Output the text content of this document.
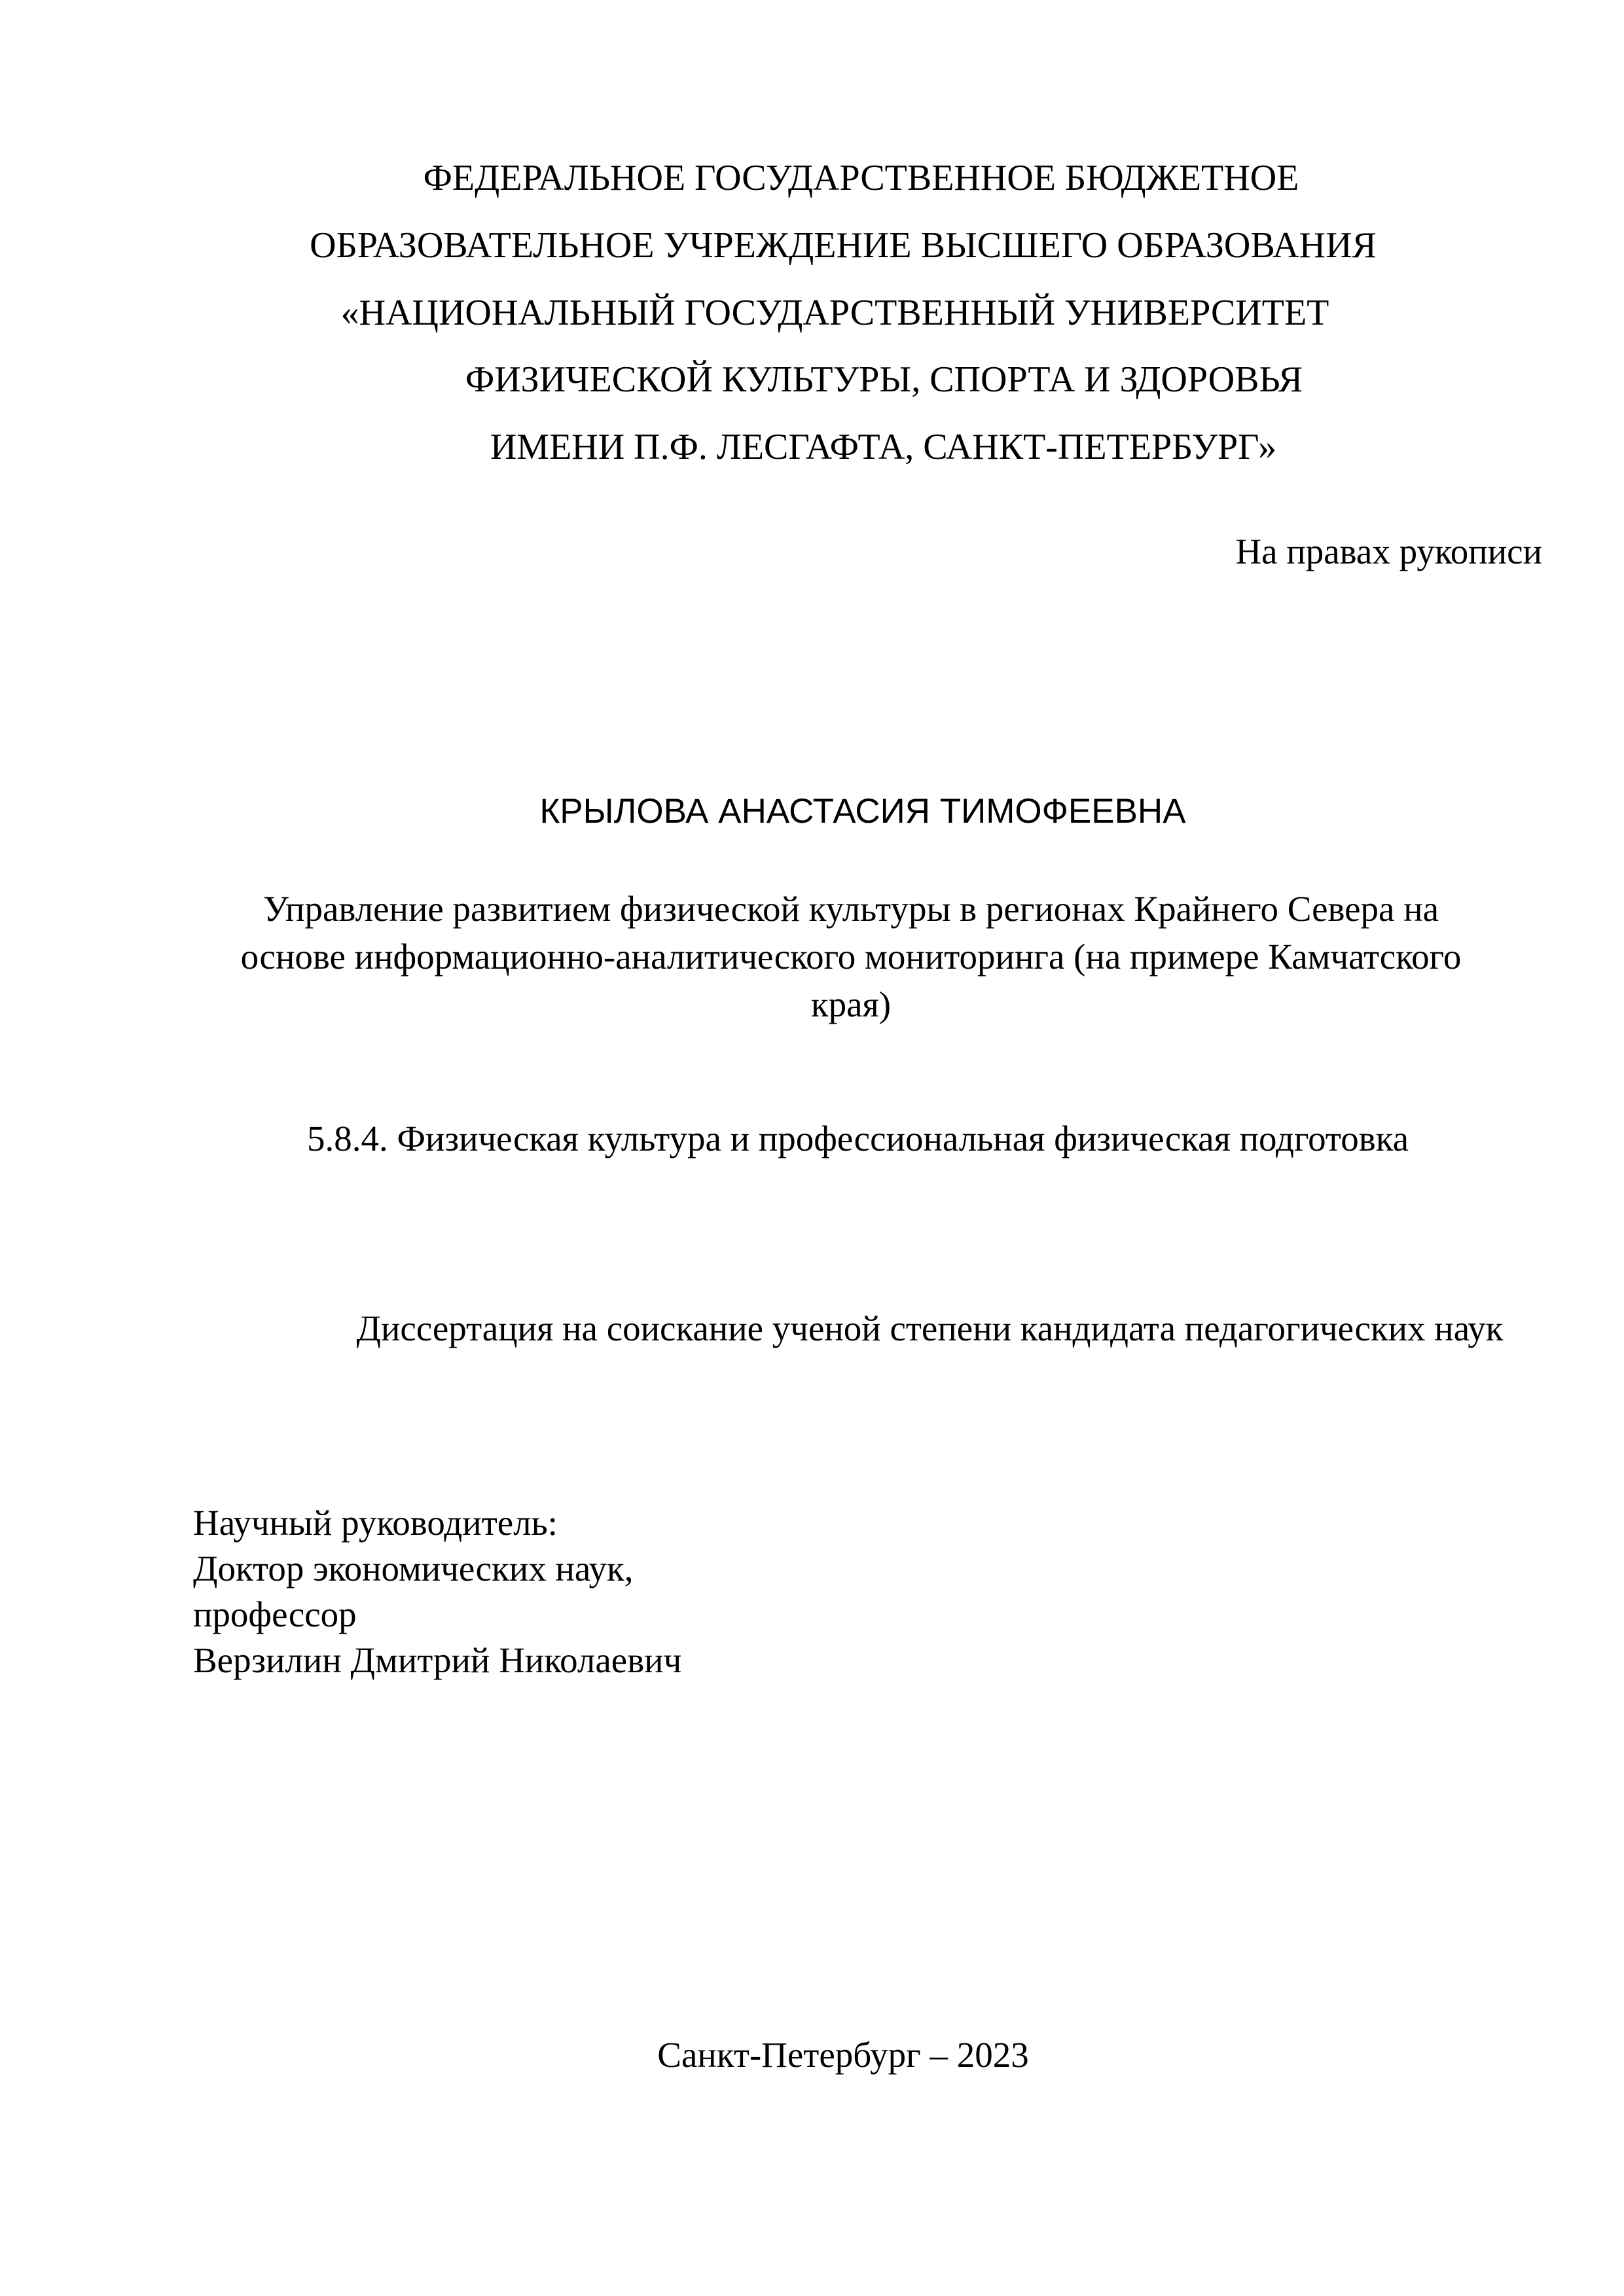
ФЕДЕРАЛЬНОЕ ГОСУДАРСТВЕННОЕ БЮДЖЕТНОЕ

ОБРАЗОВАТЕЛЬНОЕ УЧРЕЖДЕНИЕ ВЫСШЕГО ОБРАЗОВАНИЯ

«НАЦИОНАЛЬНЫЙ ГОСУДАРСТВЕННЫЙ УНИВЕРСИТЕТ

ФИЗИЧЕСКОЙ КУЛЬТУРЫ, СПОРТА И ЗДОРОВЬЯ

ИМЕНИ П.Ф. ЛЕСГАФТА, САНКТ-ПЕТЕРБУРГ»

На правах рукописи

КРЫЛОВА АНАСТАСИЯ ТИМОФЕЕВНА

Управление развитием физической культуры в регионах Крайнего Севера на
основе информационно-аналитического мониторинга (на примере Камчатского
края)

5.8.4. Физическая культура и профессиональная физическая подготовка

Диссертация на соискание ученой степени кандидата педагогических наук

Научный руководитель:
Доктор экономических наук,
профессор
Верзилин Дмитрий Николаевич

Санкт-Петербург – 2023
